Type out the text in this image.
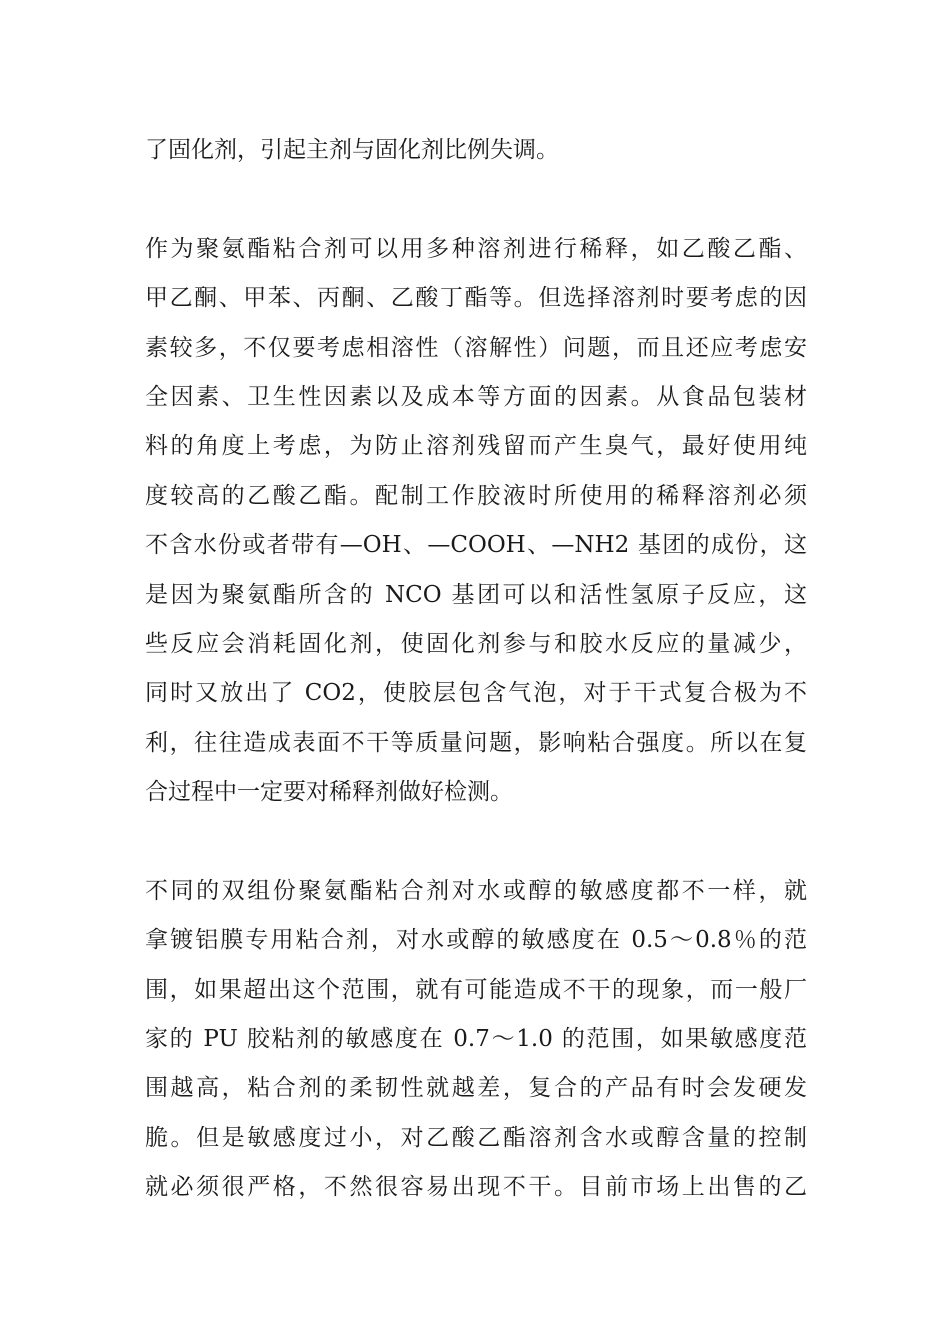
了固化剂，引起主剂与固化剂比例失调。
作为聚氨酯粘合剂可以用多种溶剂进行稀释，如乙酸乙酯、
甲乙酮、甲苯、丙酮、乙酸丁酯等。但选择溶剂时要考虑的因
素较多，不仅要考虑相溶性（溶解性）问题，而且还应考虑安
全因素、卫生性因素以及成本等方面的因素。从食品包装材
料的角度上考虑，为防止溶剂残留而产生臭气，最好使用纯
度较高的乙酸乙酯。配制工作胶液时所使用的稀释溶剂必须
不含水份或者带有—OH、—COOH、—NH2 基团的成份，这
是因为聚氨酯所含的 NCO 基团可以和活性氢原子反应，这
些反应会消耗固化剂，使固化剂参与和胶水反应的量减少，
同时又放出了 CO2，使胶层包含气泡，对于干式复合极为不
利，往往造成表面不干等质量问题，影响粘合强度。所以在复
合过程中一定要对稀释剂做好检测。
不同的双组份聚氨酯粘合剂对水或醇的敏感度都不一样，就
拿镀铝膜专用粘合剂，对水或醇的敏感度在 0.5～0.8％的范
围，如果超出这个范围，就有可能造成不干的现象，而一般厂
家的 PU 胶粘剂的敏感度在 0.7～1.0 的范围，如果敏感度范
围越高，粘合剂的柔韧性就越差，复合的产品有时会发硬发
脆。但是敏感度过小，对乙酸乙酯溶剂含水或醇含量的控制
就必须很严格，不然很容易出现不干。目前市场上出售的乙
